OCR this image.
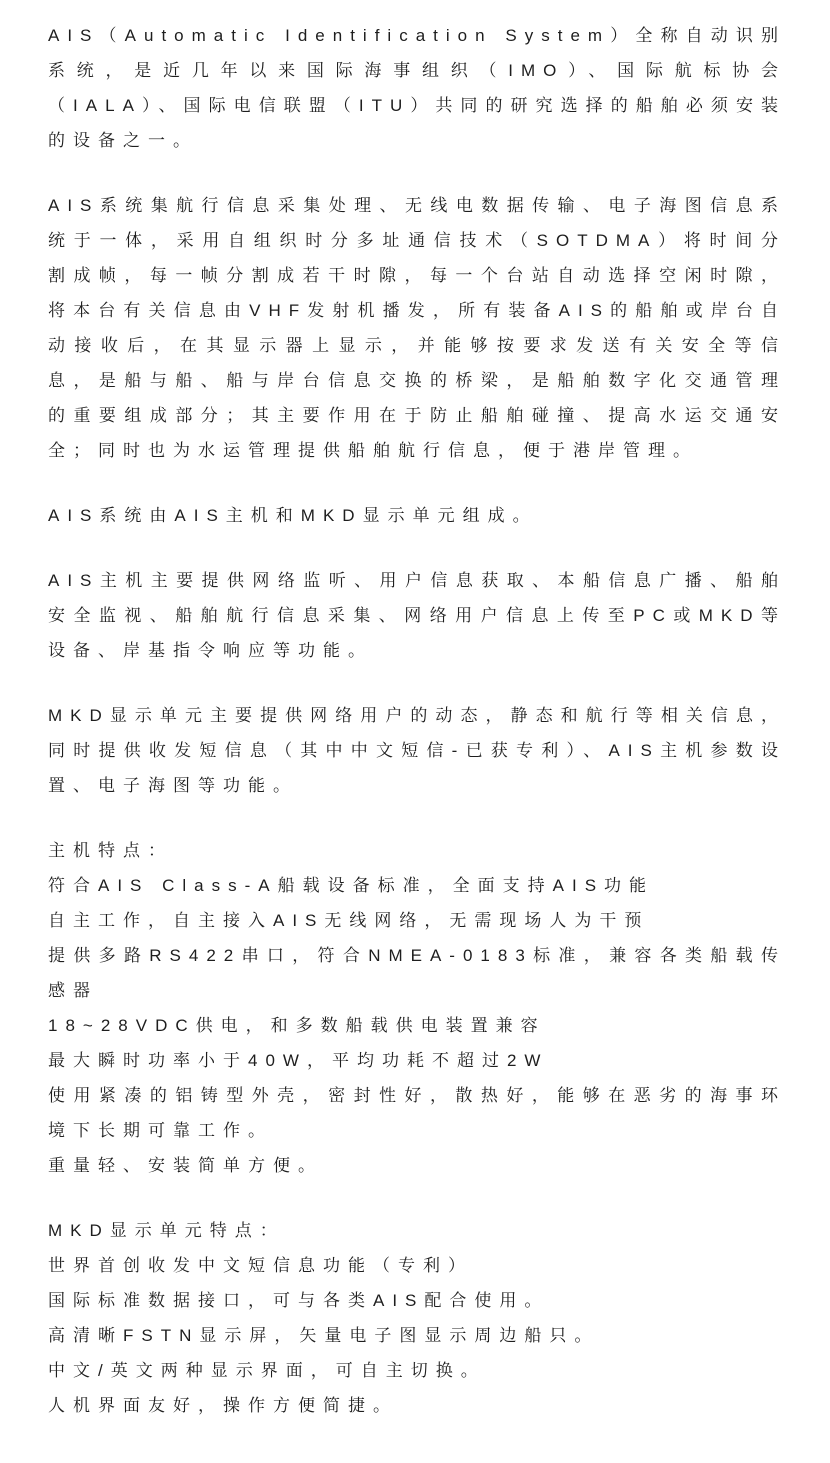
AIS（Automatic Identification System）全称自动识别系统，是近几年以来国际海事组织（IMO）、国际航标协会（IALA）、国际电信联盟（ITU）共同的研究选择的船舶必须安装的设备之一。

AIS系统集航行信息采集处理、无线电数据传输、电子海图信息系统于一体，采用自组织时分多址通信技术（SOTDMA）将时间分割成帧，每一帧分割成若干时隙，每一个台站自动选择空闲时隙，将本台有关信息由VHF发射机播发，所有装备AIS的船舶或岸台自动接收后，在其显示器上显示，并能够按要求发送有关安全等信息，是船与船、船与岸台信息交换的桥梁，是船舶数字化交通管理的重要组成部分；其主要作用在于防止船舶碰撞、提高水运交通安全；同时也为水运管理提供船舶航行信息，便于港岸管理。

AIS系统由AIS主机和MKD显示单元组成。

AIS主机主要提供网络监听、用户信息获取、本船信息广播、船舶安全监视、船舶航行信息采集、网络用户信息上传至PC或MKD等设备、岸基指令响应等功能。

MKD显示单元主要提供网络用户的动态，静态和航行等相关信息，同时提供收发短信息（其中中文短信-已获专利）、AIS主机参数设置、电子海图等功能。

主机特点：
符合AIS Class-A船载设备标准，全面支持AIS功能
自主工作，自主接入AIS无线网络，无需现场人为干预
提供多路RS422串口，符合NMEA-0183标准，兼容各类船载传感器
18~28VDC供电，和多数船载供电装置兼容
最大瞬时功率小于40W，平均功耗不超过2W
使用紧凑的铝铸型外壳，密封性好，散热好，能够在恶劣的海事环境下长期可靠工作。
重量轻、安装简单方便。
MKD显示单元特点：
世界首创收发中文短信息功能（专利）
国际标准数据接口，可与各类AIS配合使用。
高清晰FSTN显示屏，矢量电子图显示周边船只。
中文/英文两种显示界面，可自主切换。
人机界面友好，操作方便简捷。
